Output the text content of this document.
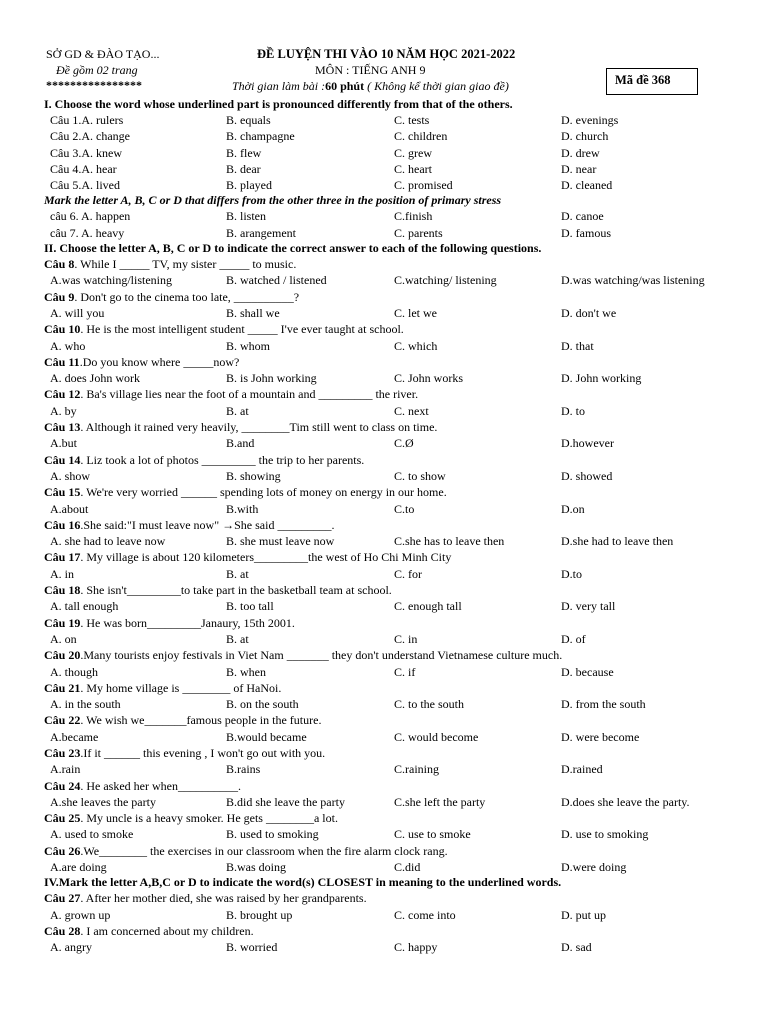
SỞ GD & ĐÀO TẠO...
Đề gồm 02 trang
****************
ĐỀ LUYỆN THI VÀO 10 NĂM HỌC 2021-2022
MÔN : TIẾNG ANH 9
Thời gian làm bài :60 phút ( Không kể thời gian giao đề)	Mã đề 368
I. Choose the word whose underlined part is pronounced differently from that of the others.
Câu 1.A. rulers	B. equals	C. tests	D. evenings
Câu 2.A. change	B. champagne	C. children	D. church
Câu 3.A. knew	B. flew	C. grew	D. drew
Câu 4.A. hear	B. dear	C. heart	D. near
Câu 5.A. lived	B. played	C. promised	D. cleaned
Mark the letter A, B, C or D that differs from the other three in the position of primary stress
câu 6. A. happen	B. listen	C.finish	D. canoe
câu 7. A. heavy	B. arangement	C. parents	D. famous
II. Choose the letter A, B, C or D to indicate the correct answer to each of the following questions.
Câu 8. While I _____ TV, my sister _____ to music.
A.was watching/listening	B. watched / listened	C.watching/ listening	D.was watching/was listening
Câu 9. Don't go to the cinema too late, __________?
A. will you	B. shall we	C. let we	D. don't we
Câu 10. He is the most intelligent student _____ I've ever taught at school.
A. who	B. whom	C. which	D. that
Câu 11.Do you know where _____now?
A. does John work	B. is John working	C. John works	D. John working
Câu 12. Ba's village lies near the foot of a mountain and _________ the river.
A. by	B. at	C. next	D. to
Câu 13. Although it rained very heavily, ________Tim still went to class on time.
A.but	B.and	C.Ø	D.however
Câu 14. Liz took a lot of photos _________ the trip to her parents.
A. show	B. showing	C. to show	D. showed
Câu 15. We're very worried ______ spending lots of money on energy in our home.
A.about	B.with	C.to	D.on
Câu 16.She said:"I must leave now" →She said _________.
A. she had to leave now	B. she must leave now	C.she has to leave then	D.she had to leave then
Câu 17. My village is about 120 kilometers_________the west of Ho Chi Minh City
A. in	B. at	C. for	D.to
Câu 18. She isn't_________to take part in the basketball team at school.
A. tall enough	B. too tall	C. enough tall	D. very tall
Câu 19. He was born_________Janaury, 15th 2001.
A. on	B. at	C. in	D. of
Câu 20.Many tourists enjoy festivals in Viet Nam _______ they don't understand Vietnamese culture much.
A. though	B. when	C. if	D. because
Câu 21. My home village is ________ of HaNoi.
A. in the south	B. on the south	C. to the south	D. from the south
Câu 22. We wish we_______famous people in the future.
A.became	B.would became	C. would become	D. were become
Câu 23.If it ______ this evening , I won't go out with you.
A.rain	B.rains	C.raining	D.rained
Câu 24. He asked her when__________.
A.she leaves the party	B.did she leave the party	C.she left the party	D.does she leave the party.
Câu 25. My uncle is a heavy smoker. He gets ________a lot.
A. used to smoke	B. used to smoking	C. use to smoke	D. use to smoking
Câu 26.We________ the exercises in our classroom when the fire alarm clock rang.
A.are doing	B.was doing	C.did	D.were doing
IV.Mark the letter A,B,C or D to indicate the word(s) CLOSEST in meaning to the underlined words.
Câu 27. After her mother died, she was raised by her grandparents.
A. grown up	B. brought up	C. come into	D. put up
Câu 28. I am concerned about my children.
A. angry	B. worried	C. happy	D. sad
